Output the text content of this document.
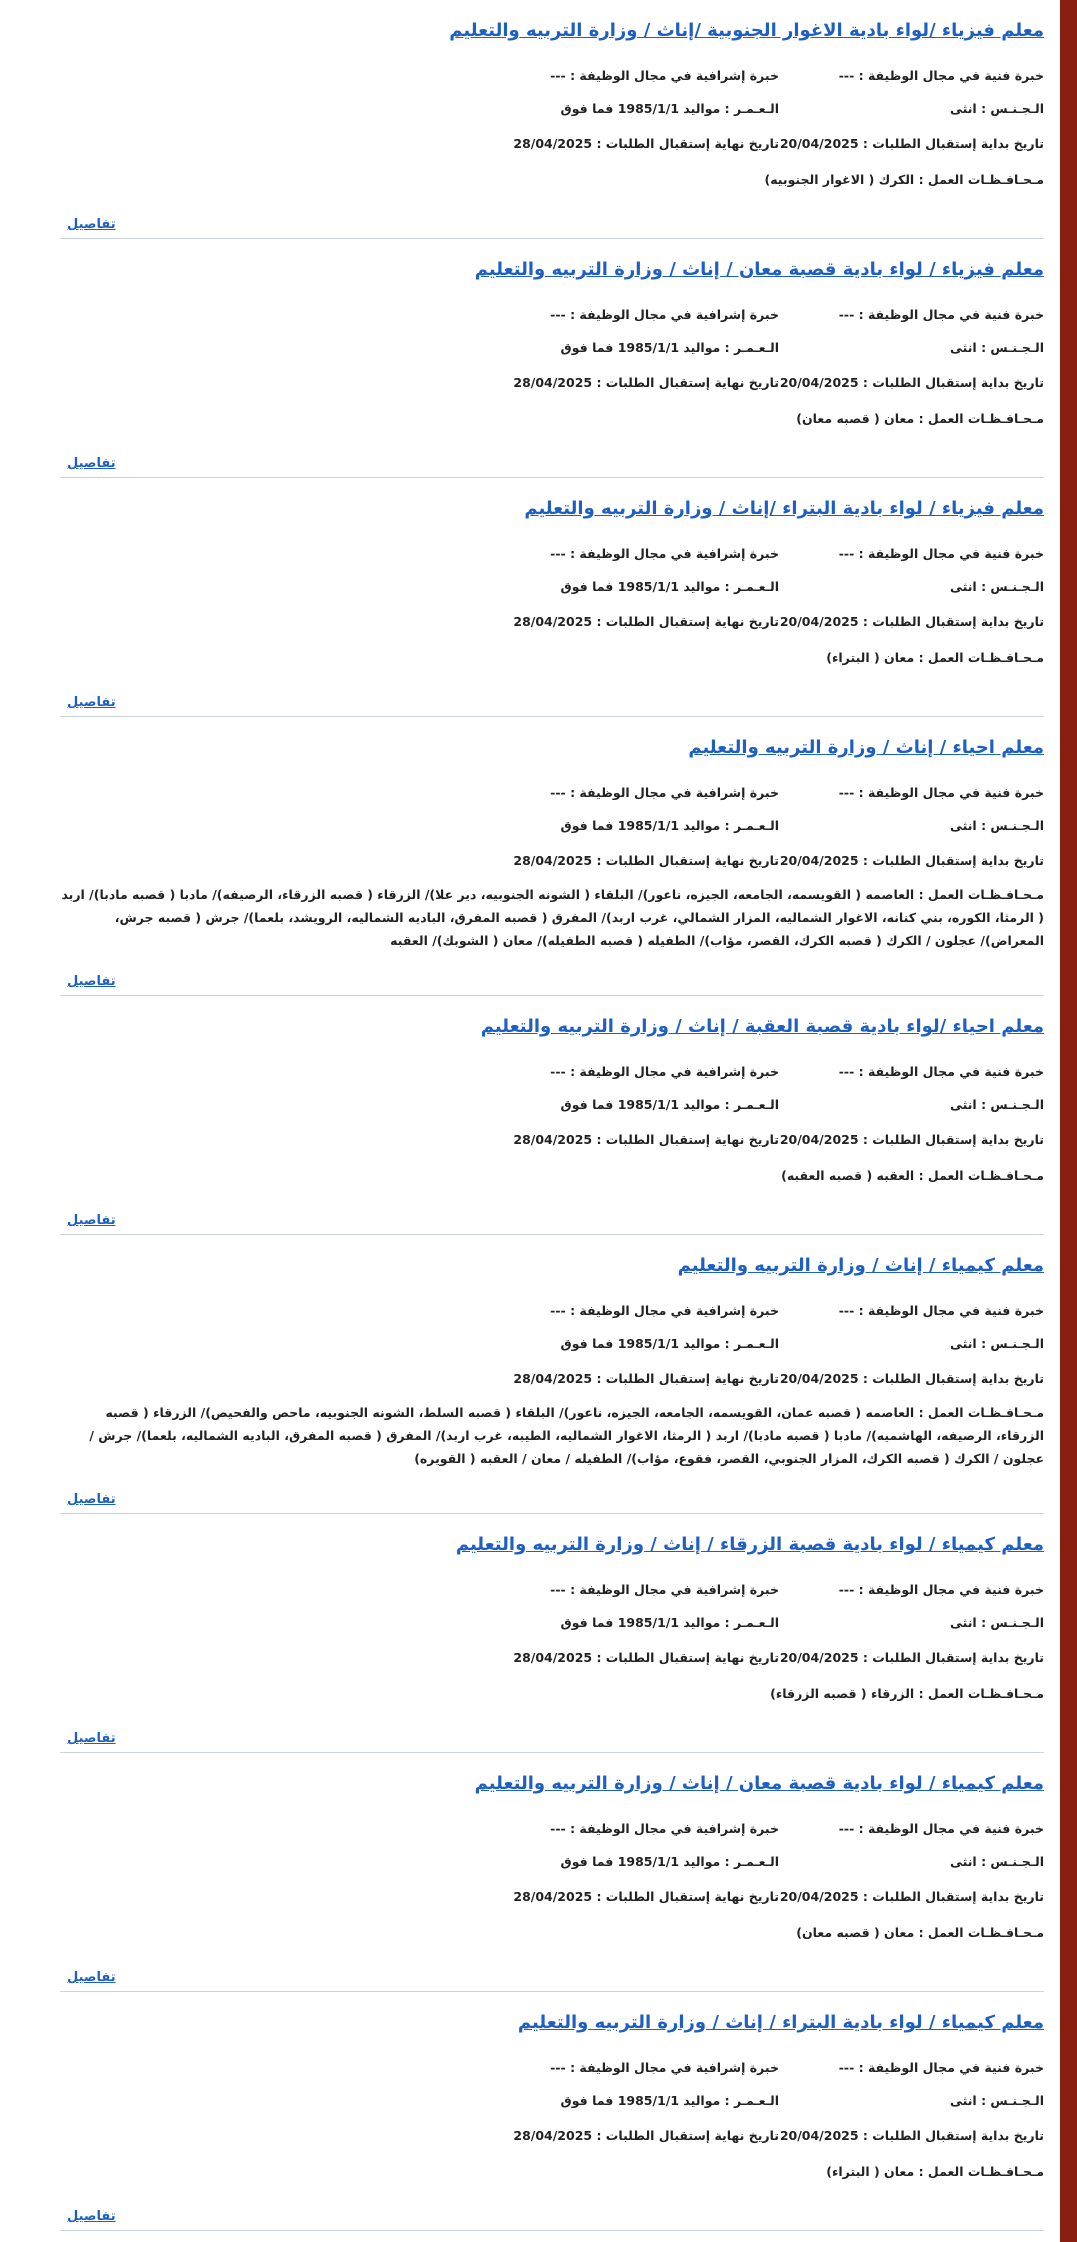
معلم فيزياء /لواء بادية الاغوار الجنوبية /إناث / وزارة التربيه والتعليم
خبرة فنية في مجال الوظيفة : ---
خبرة إشرافية في مجال الوظيفة : ---
الـجـنـس : انثى
الـعـمـر : مواليد 1985/1/1 فما فوق
تاريخ بداية إستقبال الطلبات : 20/04/2025
تاريخ نهاية إستقبال الطلبات : 28/04/2025
مـحـافـظـات العمل : الكرك ( الاغوار الجنوبيه)
تفاصيل
معلم فيزياء / لواء بادية قصبة معان / إناث / وزارة التربيه والتعليم
خبرة فنية في مجال الوظيفة : ---
خبرة إشرافية في مجال الوظيفة : ---
الـجـنـس : انثى
الـعـمـر : مواليد 1985/1/1 فما فوق
تاريخ بداية إستقبال الطلبات : 20/04/2025
تاريخ نهاية إستقبال الطلبات : 28/04/2025
مـحـافـظـات العمل : معان ( قصبه معان)
تفاصيل
معلم فيزياء / لواء بادية البتراء /إناث / وزارة التربيه والتعليم
خبرة فنية في مجال الوظيفة : ---
خبرة إشرافية في مجال الوظيفة : ---
الـجـنـس : انثى
الـعـمـر : مواليد 1985/1/1 فما فوق
تاريخ بداية إستقبال الطلبات : 20/04/2025
تاريخ نهاية إستقبال الطلبات : 28/04/2025
مـحـافـظـات العمل : معان ( البتراء)
تفاصيل
معلم احياء / إناث / وزارة التربيه والتعليم
خبرة فنية في مجال الوظيفة : ---
خبرة إشرافية في مجال الوظيفة : ---
الـجـنـس : انثى
الـعـمـر : مواليد 1985/1/1 فما فوق
تاريخ بداية إستقبال الطلبات : 20/04/2025
تاريخ نهاية إستقبال الطلبات : 28/04/2025
مـحـافـظـات العمل : العاصمه ( القويسمه، الجامعه، الجيزه، ناعور)/ البلقاء ( الشونه الجنوبيه، دير علا)/ الزرقاء ( قصبه الزرقاء، الرصيفه)/ مادبا ( قصبه مادبا)/ اربد ( الرمثا، الكوره، بني كنانه، الاغوار الشماليه، المزار الشمالي، غرب اربد)/ المفرق ( قصبه المفرق، الباديه الشماليه، الرويشد، بلعما)/ جرش ( قصبه جرش، المعراض)/ عجلون / الكرك ( قصبه الكرك، القصر، مؤاب)/ الطفيله ( قصبه الطفيله)/ معان ( الشوبك)/ العقبه
تفاصيل
معلم احياء /لواء بادية قصبة العقبة / إناث / وزارة التربيه والتعليم
خبرة فنية في مجال الوظيفة : ---
خبرة إشرافية في مجال الوظيفة : ---
الـجـنـس : انثى
الـعـمـر : مواليد 1985/1/1 فما فوق
تاريخ بداية إستقبال الطلبات : 20/04/2025
تاريخ نهاية إستقبال الطلبات : 28/04/2025
مـحـافـظـات العمل : العقبه ( قصبه العقبه)
تفاصيل
معلم كيمياء / إناث / وزارة التربيه والتعليم
خبرة فنية في مجال الوظيفة : ---
خبرة إشرافية في مجال الوظيفة : ---
الـجـنـس : انثى
الـعـمـر : مواليد 1985/1/1 فما فوق
تاريخ بداية إستقبال الطلبات : 20/04/2025
تاريخ نهاية إستقبال الطلبات : 28/04/2025
مـحـافـظـات العمل : العاصمه ( قصبه عمان، القويسمه، الجامعه، الجيزه، ناعور)/ البلقاء ( قصبه السلط، الشونه الجنوبيه، ماحص والفحيص)/ الزرقاء ( قصبه الزرقاء، الرصيفه، الهاشميه)/ مادبا ( قصبه مادبا)/ اربد ( الرمثا، الاغوار الشماليه، الطيبه، غرب اربد)/ المفرق ( قصبه المفرق، الباديه الشماليه، بلعما)/ جرش / عجلون / الكرك ( قصبه الكرك، المزار الجنوبي، القصر، فقوع، مؤاب)/ الطفيله / معان / العقبه ( القويره)
تفاصيل
معلم كيمياء / لواء بادية قصبة الزرقاء / إناث / وزارة التربيه والتعليم
خبرة فنية في مجال الوظيفة : ---
خبرة إشرافية في مجال الوظيفة : ---
الـجـنـس : انثى
الـعـمـر : مواليد 1985/1/1 فما فوق
تاريخ بداية إستقبال الطلبات : 20/04/2025
تاريخ نهاية إستقبال الطلبات : 28/04/2025
مـحـافـظـات العمل : الزرقاء ( قصبه الزرقاء)
تفاصيل
معلم كيمياء / لواء بادية قصبة معان / إناث / وزارة التربيه والتعليم
خبرة فنية في مجال الوظيفة : ---
خبرة إشرافية في مجال الوظيفة : ---
الـجـنـس : انثى
الـعـمـر : مواليد 1985/1/1 فما فوق
تاريخ بداية إستقبال الطلبات : 20/04/2025
تاريخ نهاية إستقبال الطلبات : 28/04/2025
مـحـافـظـات العمل : معان ( قصبه معان)
تفاصيل
معلم كيمياء / لواء بادية البتراء / إناث / وزارة التربيه والتعليم
خبرة فنية في مجال الوظيفة : ---
خبرة إشرافية في مجال الوظيفة : ---
الـجـنـس : انثى
الـعـمـر : مواليد 1985/1/1 فما فوق
تاريخ بداية إستقبال الطلبات : 20/04/2025
تاريخ نهاية إستقبال الطلبات : 28/04/2025
مـحـافـظـات العمل : معان ( البتراء)
تفاصيل
